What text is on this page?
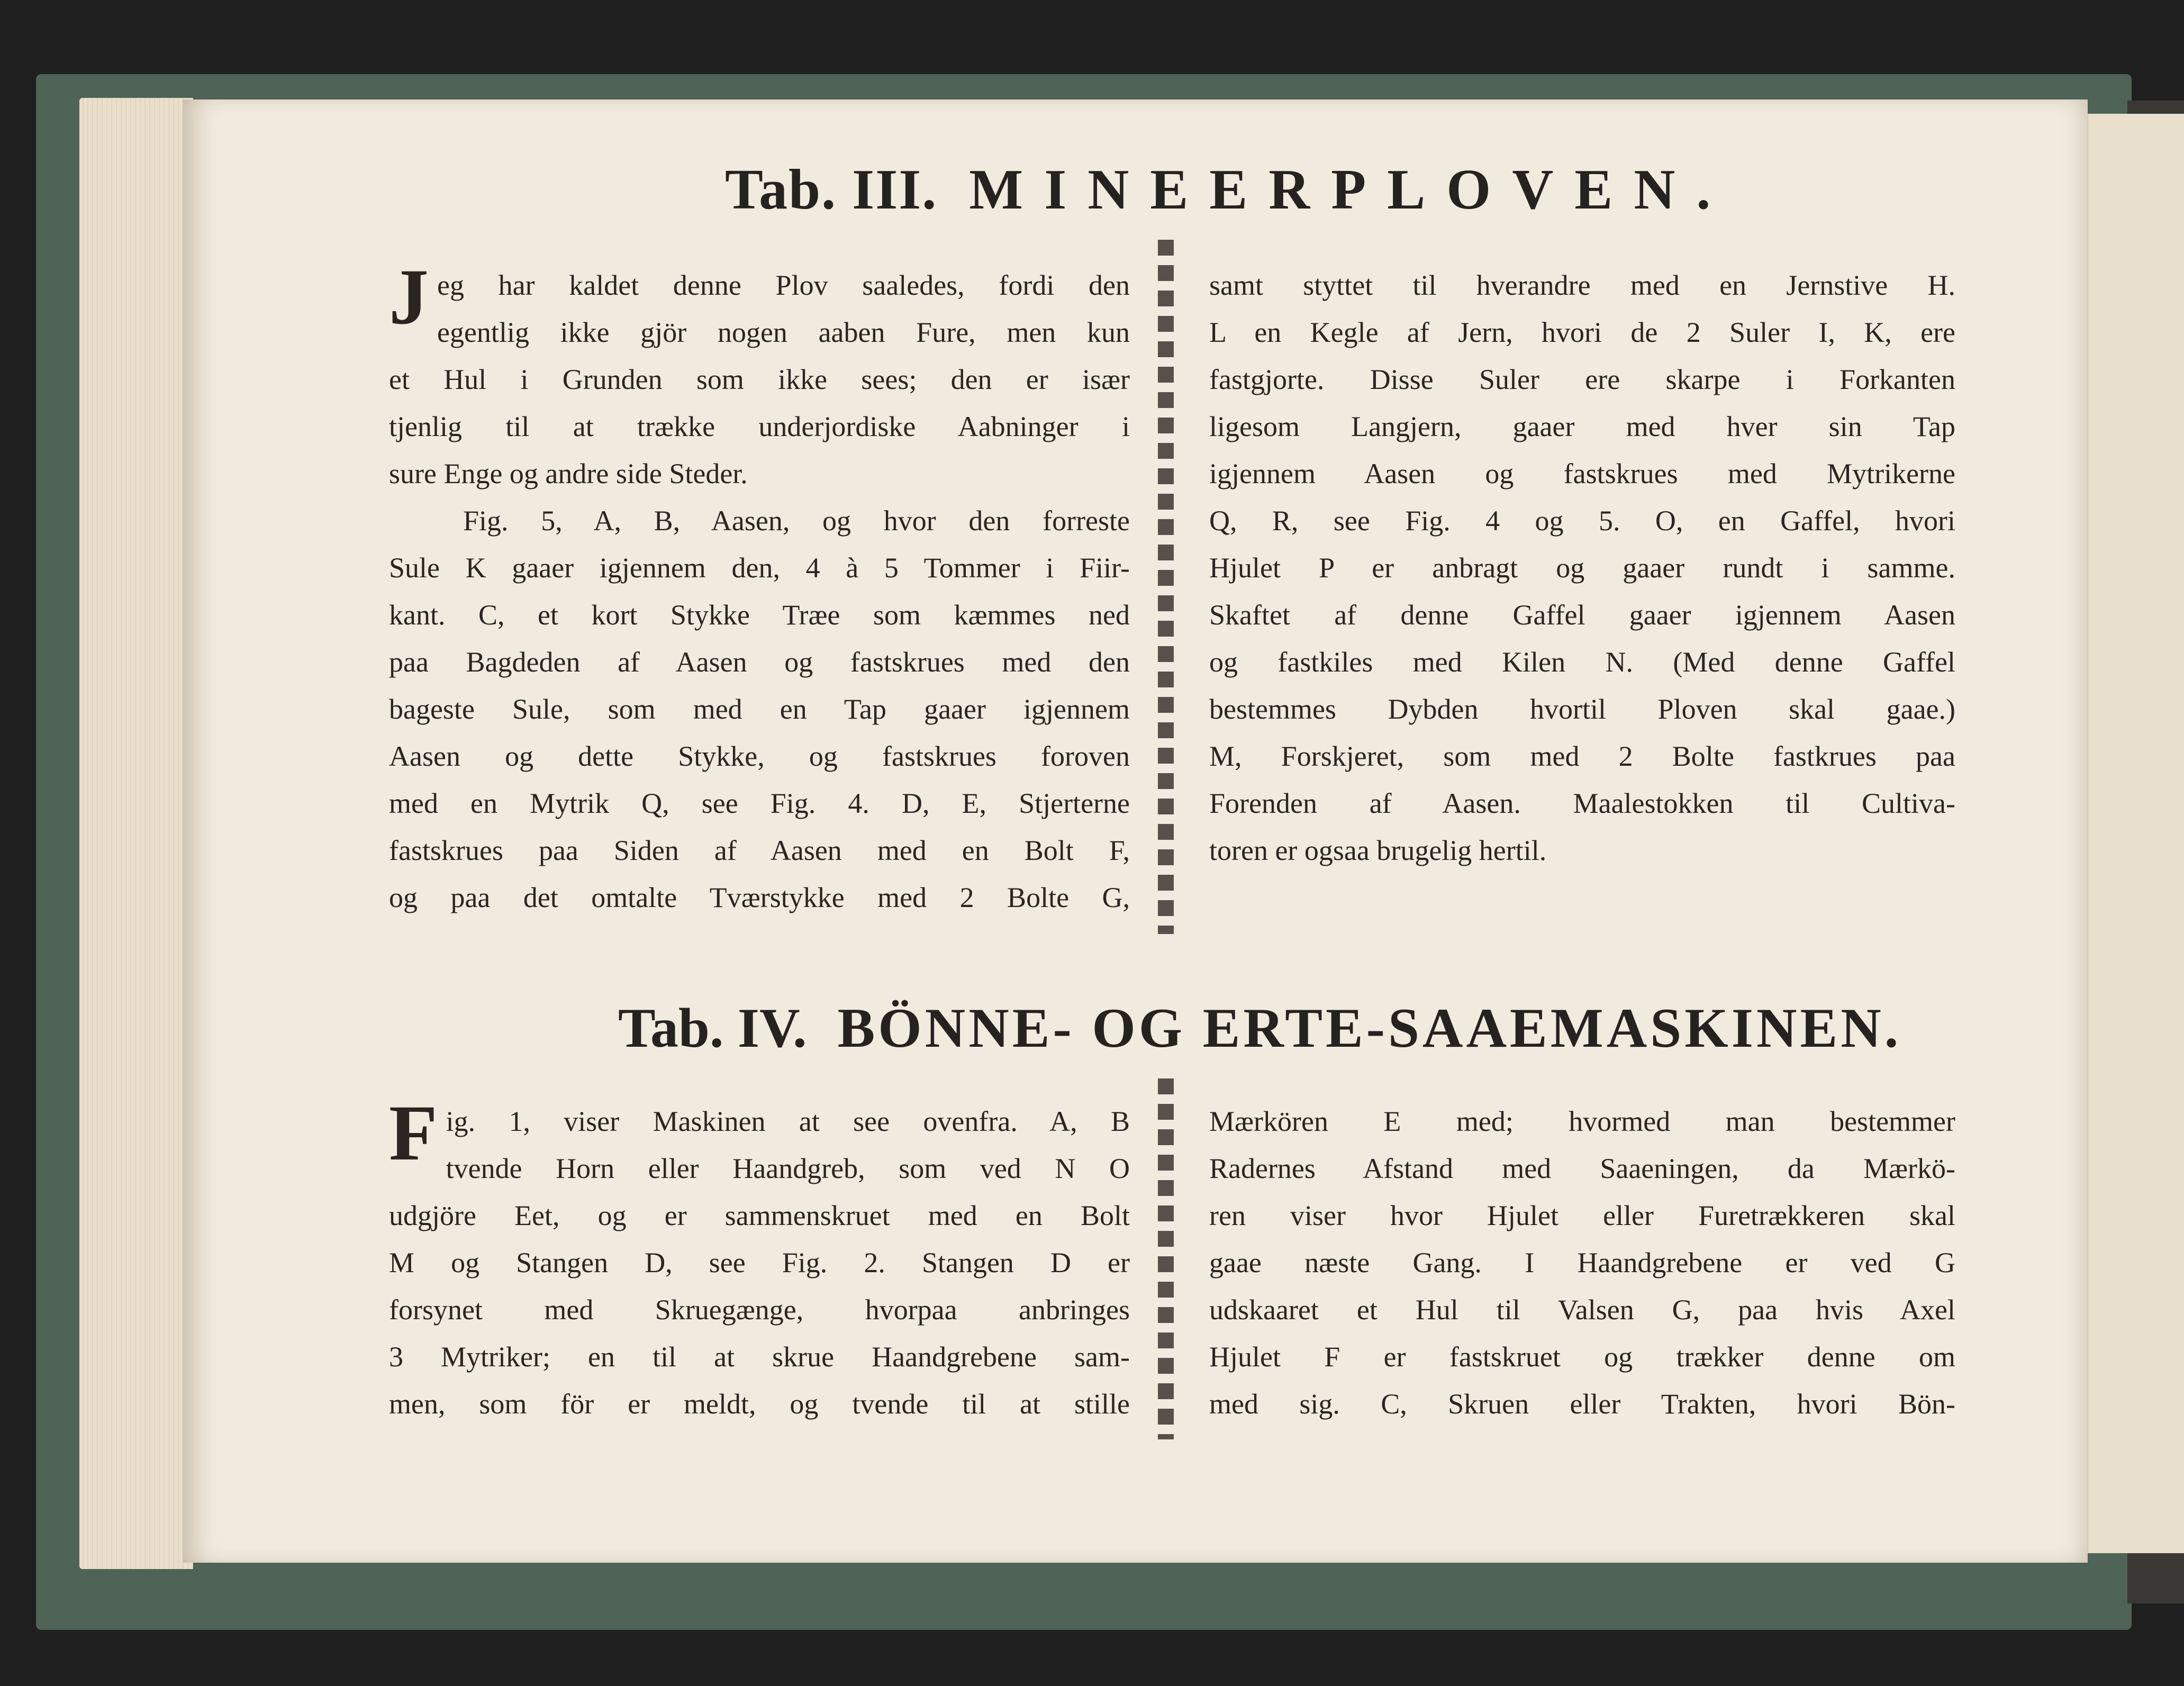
Tab. III. MINEERPLOVEN.
Jeg har kaldet denne Plov saaledes, fordi den
egentlig ikke gjör nogen aaben Fure, men kun
et Hul i Grunden som ikke sees; den er især
tjenlig til at trække underjordiske Aabninger i
sure Enge og andre side Steder.
Fig. 5, A, B, Aasen, og hvor den forreste
Sule K gaaer igjennem den, 4 à 5 Tommer i Fiir-
kant. C, et kort Stykke Træe som kæmmes ned
paa Bagdeden af Aasen og fastskrues med den
bageste Sule, som med en Tap gaaer igjennem
Aasen og dette Stykke, og fastskrues foroven
med en Mytrik Q, see Fig. 4. D, E, Stjerterne
fastskrues paa Siden af Aasen med en Bolt F,
og paa det omtalte Tværstykke med 2 Bolte G,
samt styttet til hverandre med en Jernstive H.
L en Kegle af Jern, hvori de 2 Suler I, K, ere
fastgjorte. Disse Suler ere skarpe i Forkanten
ligesom Langjern, gaaer med hver sin Tap
igjennem Aasen og fastskrues med Mytrikerne
Q, R, see Fig. 4 og 5. O, en Gaffel, hvori
Hjulet P er anbragt og gaaer rundt i samme.
Skaftet af denne Gaffel gaaer igjennem Aasen
og fastkiles med Kilen N. (Med denne Gaffel
bestemmes Dybden hvortil Ploven skal gaae.)
M, Forskjeret, som med 2 Bolte fastkrues paa
Forenden af Aasen. Maalestokken til Cultiva-
toren er ogsaa brugelig hertil.
Tab. IV. BÖNNE- OG ERTE-SAAEMASKINEN.
Fig. 1, viser Maskinen at see ovenfra. A, B
tvende Horn eller Haandgreb, som ved N O
udgjöre Eet, og er sammenskruet med en Bolt
M og Stangen D, see Fig. 2. Stangen D er
forsynet med Skruegænge, hvorpaa anbringes
3 Mytriker; en til at skrue Haandgrebene sam-
men, som för er meldt, og tvende til at stille
Mærkören E med; hvormed man bestemmer
Radernes Afstand med Saaeningen, da Mærkö-
ren viser hvor Hjulet eller Furetrækkeren skal
gaae næste Gang. I Haandgrebene er ved G
udskaaret et Hul til Valsen G, paa hvis Axel
Hjulet F er fastskruet og trækker denne om
med sig. C, Skruen eller Trakten, hvori Bön-
